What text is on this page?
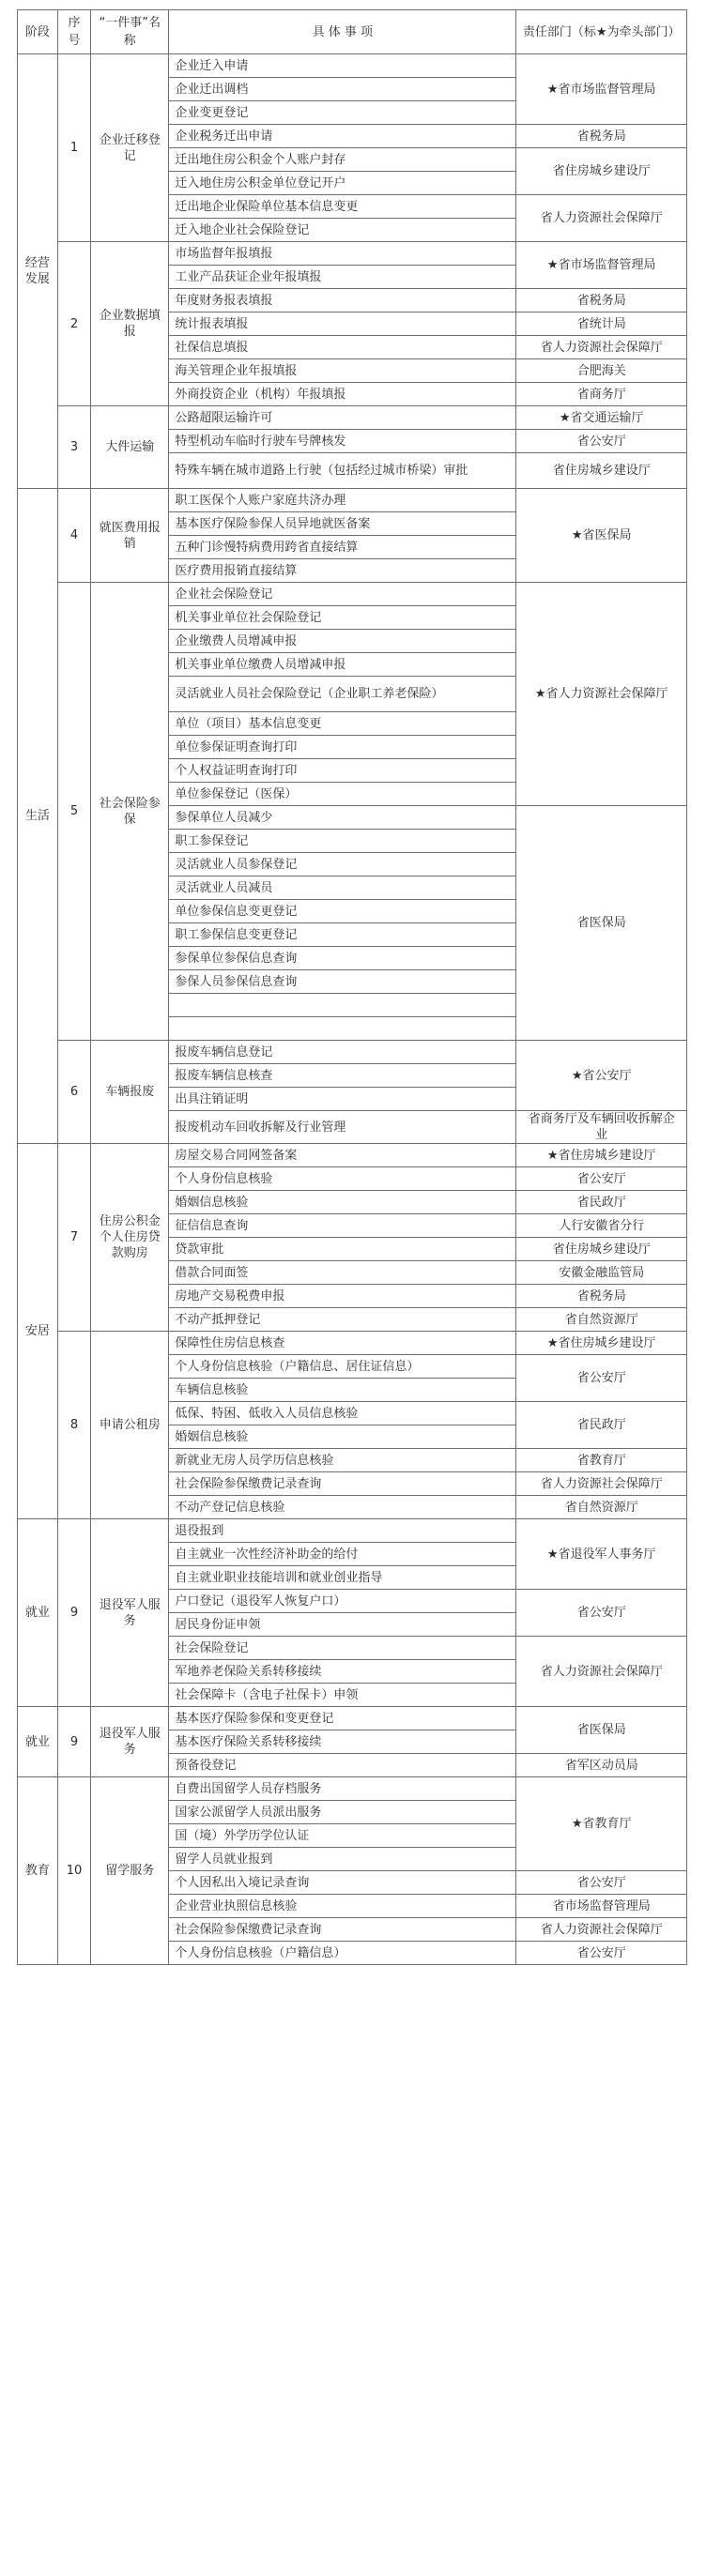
阶段	序号	“一件事”名称	具 体 事 项	责任部门（标★为牵头部门）
经营发展	1	企业迁移登记	企业迁入申请	★省市场监督管理局
			企业迁出调档	
			企业变更登记	
			企业税务迁出申请	省税务局
			迁出地住房公积金个人账户封存	省住房城乡建设厅
			迁入地住房公积金单位登记开户	
			迁出地企业保险单位基本信息变更	省人力资源社会保障厅
			迁入地企业社会保险登记	
	2	企业数据填报	市场监督年报填报	★省市场监督管理局
			工业产品获证企业年报填报	
			年度财务报表填报	省税务局
			统计报表填报	省统计局
			社保信息填报	省人力资源社会保障厅
			海关管理企业年报填报	合肥海关
			外商投资企业（机构）年报填报	省商务厅
	3	大件运输	公路超限运输许可	★省交通运输厅
			特型机动车临时行驶车号牌核发	省公安厅
			特殊车辆在城市道路上行驶（包括经过城市桥梁）审批	省住房城乡建设厅
生活	4	就医费用报销	职工医保个人账户家庭共济办理	★省医保局
			基本医疗保险参保人员异地就医备案	
			五种门诊慢特病费用跨省直接结算	
			医疗费用报销直接结算	
	5	社会保险参保	企业社会保险登记	★省人力资源社会保障厅
			机关事业单位社会保险登记	
			企业缴费人员增减申报	
			机关事业单位缴费人员增减申报	
			灵活就业人员社会保险登记（企业职工养老保险）	
			单位（项目）基本信息变更	
			单位参保证明查询打印	
			个人权益证明查询打印	
			单位参保登记（医保）	
			参保单位人员减少	省医保局
			职工参保登记	
			灵活就业人员参保登记	
			灵活就业人员减员	
			单位参保信息变更登记	
			职工参保信息变更登记	
			参保单位参保信息查询	
			参保人员参保信息查询	

	6	车辆报废	报废车辆信息登记	★省公安厅
			报废车辆信息核查	
			出具注销证明	
			报废机动车回收拆解及行业管理	省商务厅及车辆回收拆解企业
安居	7	住房公积金个人住房贷款购房	房屋交易合同网签备案	★省住房城乡建设厅
			个人身份信息核验	省公安厅
			婚姻信息核验	省民政厅
			征信信息查询	人行安徽省分行
			贷款审批	省住房城乡建设厅
			借款合同面签	安徽金融监管局
			房地产交易税费申报	省税务局
			不动产抵押登记	省自然资源厅
	8	申请公租房	保障性住房信息核查	★省住房城乡建设厅
			个人身份信息核验（户籍信息、居住证信息）	省公安厅
			车辆信息核验	
			低保、特困、低收入人员信息核验	省民政厅
			婚姻信息核验	
			新就业无房人员学历信息核验	省教育厅
			社会保险参保缴费记录查询	省人力资源社会保障厅
			不动产登记信息核验	省自然资源厅
就业	9	退役军人服务	退役报到	★省退役军人事务厅
			自主就业一次性经济补助金的给付	
			自主就业职业技能培训和就业创业指导	
			户口登记（退役军人恢复户口）	省公安厅
			居民身份证申领	
			社会保险登记	省人力资源社会保障厅
			军地养老保险关系转移接续	
			社会保障卡（含电子社保卡）申领	
就业	9	退役军人服务	基本医疗保险参保和变更登记	省医保局
			基本医疗保险关系转移接续	
			预备役登记	省军区动员局
教育	10	留学服务	自费出国留学人员存档服务	★省教育厅
			国家公派留学人员派出服务	
			国（境）外学历学位认证	
			留学人员就业报到	
			个人因私出入境记录查询	省公安厅
			企业营业执照信息核验	省市场监督管理局
			社会保险参保缴费记录查询	省人力资源社会保障厅
			个人身份信息核验（户籍信息）	省公安厅
